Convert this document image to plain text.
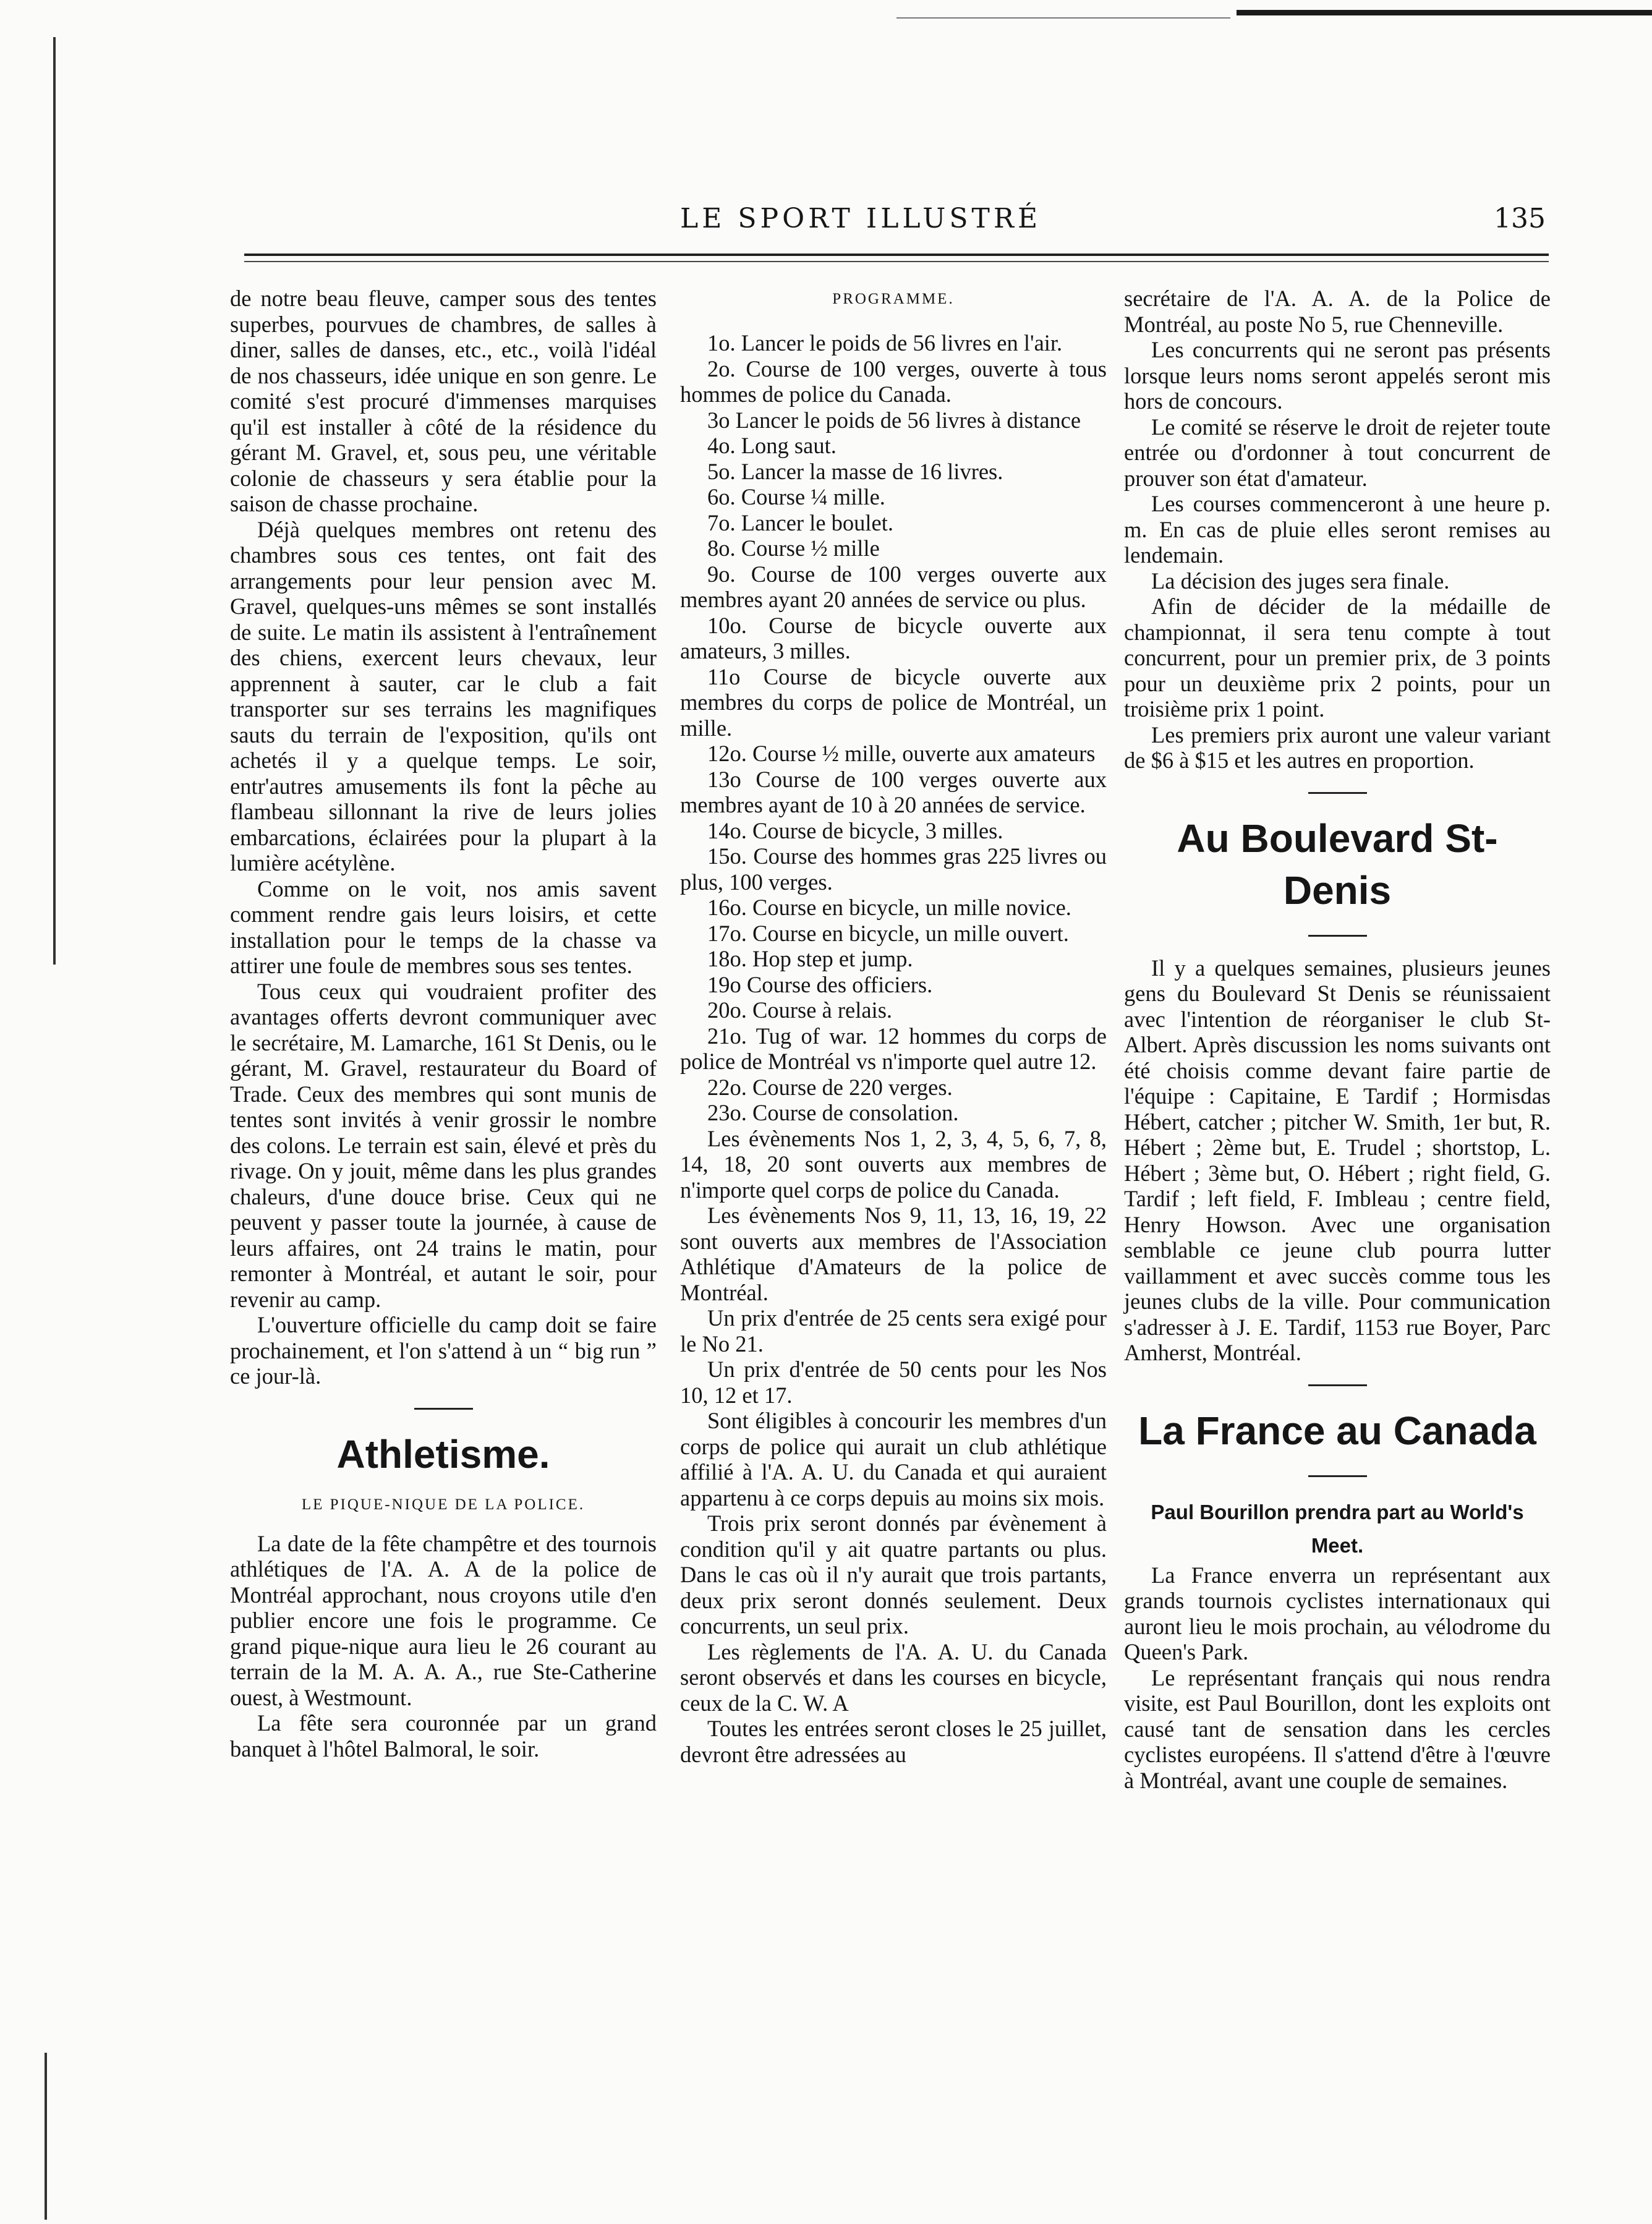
LE SPORT ILLUSTRÉ	135

de notre beau fleuve, camper sous des tentes superbes, pourvues de chambres, de salles à diner, salles de danses, etc., etc., voilà l'idéal de nos chasseurs, idée unique en son genre. Le comité s'est procuré d'immenses marquises qu'il est installer à côté de la résidence du gérant M. Gravel, et, sous peu, une véritable colonie de chasseurs y sera établie pour la saison de chasse prochaine.

Déjà quelques membres ont retenu des chambres sous ces tentes, ont fait des arrangements pour leur pension avec M. Gravel, quelques-uns mêmes se sont installés de suite. Le matin ils assistent à l'entraînement des chiens, exercent leurs chevaux, leur apprennent à sauter, car le club a fait transporter sur ses terrains les magnifiques sauts du terrain de l'exposition, qu'ils ont achetés il y a quelque temps. Le soir, entr'autres amusements ils font la pêche au flambeau sillonnant la rive de leurs jolies embarcations, éclairées pour la plupart à la lumière acétylène.

Comme on le voit, nos amis savent comment rendre gais leurs loisirs, et cette installation pour le temps de la chasse va attirer une foule de membres sous ses tentes.

Tous ceux qui voudraient profiter des avantages offerts devront communiquer avec le secrétaire, M. Lamarche, 161 St Denis, ou le gérant, M. Gravel, restaurateur du Board of Trade. Ceux des membres qui sont munis de tentes sont invités à venir grossir le nombre des colons. Le terrain est sain, élevé et près du rivage. On y jouit, même dans les plus grandes chaleurs, d'une douce brise. Ceux qui ne peuvent y passer toute la journée, à cause de leurs affaires, ont 24 trains le matin, pour remonter à Montréal, et autant le soir, pour revenir au camp.

L'ouverture officielle du camp doit se faire prochainement, et l'on s'attend à un “ big run ” ce jour-là.

Athletisme.
LE PIQUE-NIQUE DE LA POLICE.

La date de la fête champêtre et des tournois athlétiques de l'A. A. A de la police de Montréal approchant, nous croyons utile d'en publier encore une fois le programme. Ce grand pique-nique aura lieu le 26 courant au terrain de la M. A. A. A., rue Ste-Catherine ouest, à Westmount.

La fête sera couronnée par un grand banquet à l'hôtel Balmoral, le soir.

PROGRAMME.

1o. Lancer le poids de 56 livres en l'air.

2o. Course de 100 verges, ouverte à tous hommes de police du Canada.

3o Lancer le poids de 56 livres à distance

4o. Long saut.

5o. Lancer la masse de 16 livres.

6o. Course ¼ mille.

7o. Lancer le boulet.

8o. Course ½ mille

9o. Course de 100 verges ouverte aux membres ayant 20 années de service ou plus.

10o. Course de bicycle ouverte aux amateurs, 3 milles.

11o Course de bicycle ouverte aux membres du corps de police de Montréal, un mille.

12o. Course ½ mille, ouverte aux amateurs

13o Course de 100 verges ouverte aux membres ayant de 10 à 20 années de service.

14o. Course de bicycle, 3 milles.

15o. Course des hommes gras 225 livres ou plus, 100 verges.

16o. Course en bicycle, un mille novice.

17o. Course en bicycle, un mille ouvert.

18o. Hop step et jump.

19o Course des officiers.

20o. Course à relais.

21o. Tug of war. 12 hommes du corps de police de Montréal vs n'importe quel autre 12.

22o. Course de 220 verges.

23o. Course de consolation.

Les évènements Nos 1, 2, 3, 4, 5, 6, 7, 8, 14, 18, 20 sont ouverts aux membres de n'importe quel corps de police du Canada.

Les évènements Nos 9, 11, 13, 16, 19, 22 sont ouverts aux membres de l'Association Athlétique d'Amateurs de la police de Montréal.

Un prix d'entrée de 25 cents sera exigé pour le No 21.

Un prix d'entrée de 50 cents pour les Nos 10, 12 et 17.

Sont éligibles à concourir les membres d'un corps de police qui aurait un club athlétique affilié à l'A. A. U. du Canada et qui auraient appartenu à ce corps depuis au moins six mois.

Trois prix seront donnés par évènement à condition qu'il y ait quatre partants ou plus. Dans le cas où il n'y aurait que trois partants, deux prix seront donnés seulement. Deux concurrents, un seul prix.

Les règlements de l'A. A. U. du Canada seront observés et dans les courses en bicycle, ceux de la C. W. A

Toutes les entrées seront closes le 25 juillet, devront être adressées au

secrétaire de l'A. A. A. de la Police de Montréal, au poste No 5, rue Chenneville.

Les concurrents qui ne seront pas présents lorsque leurs noms seront appelés seront mis hors de concours.

Le comité se réserve le droit de rejeter toute entrée ou d'ordonner à tout concurrent de prouver son état d'amateur.

Les courses commenceront à une heure p. m. En cas de pluie elles seront remises au lendemain.

La décision des juges sera finale.

Afin de décider de la médaille de championnat, il sera tenu compte à tout concurrent, pour un premier prix, de 3 points pour un deuxième prix 2 points, pour un troisième prix 1 point.

Les premiers prix auront une valeur variant de $6 à $15 et les autres en proportion.

Au Boulevard St-Denis

Il y a quelques semaines, plusieurs jeunes gens du Boulevard St Denis se réunissaient avec l'intention de réorganiser le club St-Albert. Après discussion les noms suivants ont été choisis comme devant faire partie de l'équipe : Capitaine, E Tardif ; Hormisdas Hébert, catcher ; pitcher W. Smith, 1er but, R. Hébert ; 2ème but, E. Trudel ; shortstop, L. Hébert ; 3ème but, O. Hébert ; right field, G. Tardif ; left field, F. Imbleau ; centre field, Henry Howson. Avec une organisation semblable ce jeune club pourra lutter vaillamment et avec succès comme tous les jeunes clubs de la ville. Pour communication s'adresser à J. E. Tardif, 1153 rue Boyer, Parc Amherst, Montréal.

La France au Canada
Paul Bourillon prendra part au World's Meet.

La France enverra un représentant aux grands tournois cyclistes internationaux qui auront lieu le mois prochain, au vélodrome du Queen's Park.

Le représentant français qui nous rendra visite, est Paul Bourillon, dont les exploits ont causé tant de sensation dans les cercles cyclistes européens. Il s'attend d'être à l'œuvre à Montréal, avant une couple de semaines.
